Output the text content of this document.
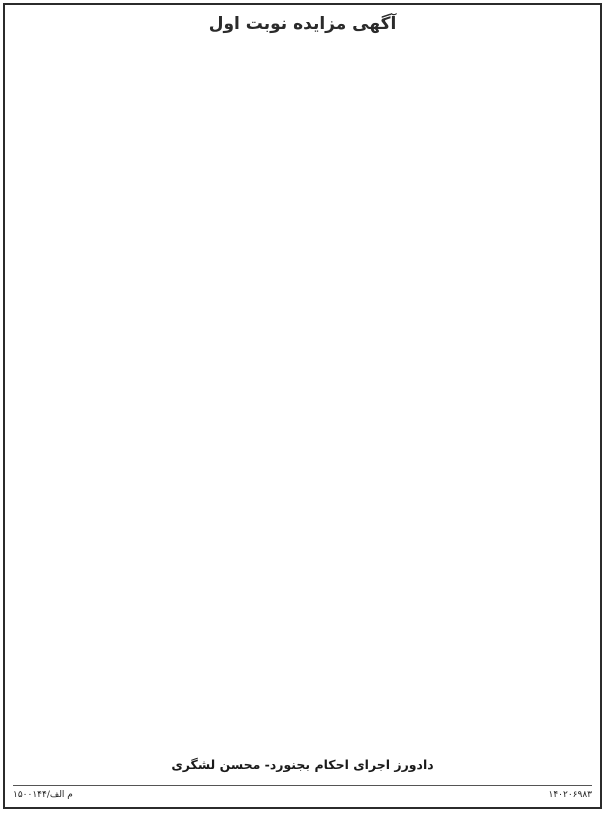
آگهی مزایده نوبت اول
دادورز اجرای احکام بجنورد- محسن لشگری
م الف/۱۵۰۰۱۴۴	۱۴۰۲۰۶۹۸۳
